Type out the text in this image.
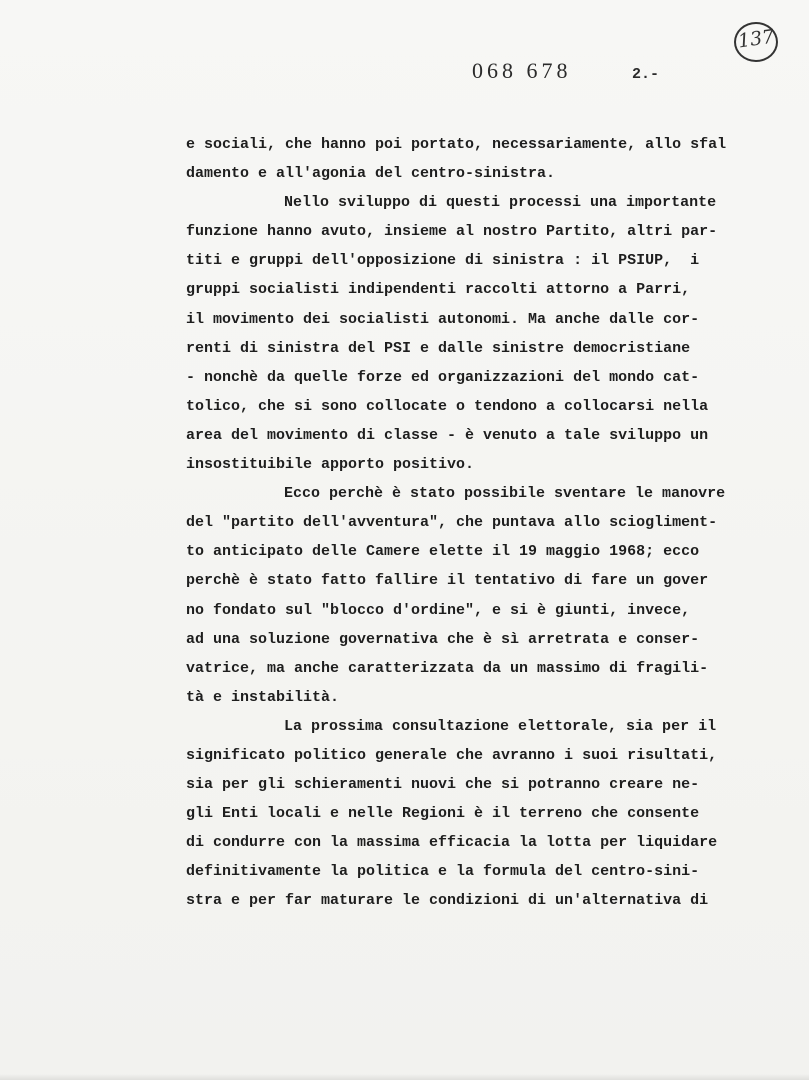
137
068 678	2.-
e sociali, che hanno poi portato, necessariamente, allo sfal
damento e all'agonia del centro-sinistra.
Nello sviluppo di questi processi una importante
funzione hanno avuto, insieme al nostro Partito, altri par-
titi e gruppi dell'opposizione di sinistra : il PSIUP,  i
gruppi socialisti indipendenti raccolti attorno a Parri,
il movimento dei socialisti autonomi. Ma anche dalle cor-
renti di sinistra del PSI e dalle sinistre democristiane
- nonchè da quelle forze ed organizzazioni del mondo cat-
tolico, che si sono collocate o tendono a collocarsi nella
area del movimento di classe - è venuto a tale sviluppo un
insostituibile apporto positivo.
Ecco perchè è stato possibile sventare le manovre
del "partito dell'avventura", che puntava allo sciogliment-
to anticipato delle Camere elette il 19 maggio 1968; ecco
perchè è stato fatto fallire il tentativo di fare un gover
no fondato sul "blocco d'ordine", e si è giunti, invece,
ad una soluzione governativa che è sì arretrata e conser-
vatrice, ma anche caratterizzata da un massimo di fragili-
tà e instabilità.
La prossima consultazione elettorale, sia per il
significato politico generale che avranno i suoi risultati,
sia per gli schieramenti nuovi che si potranno creare ne-
gli Enti locali e nelle Regioni è il terreno che consente
di condurre con la massima efficacia la lotta per liquidare
definitivamente la politica e la formula del centro-sini-
stra e per far maturare le condizioni di un'alternativa di
